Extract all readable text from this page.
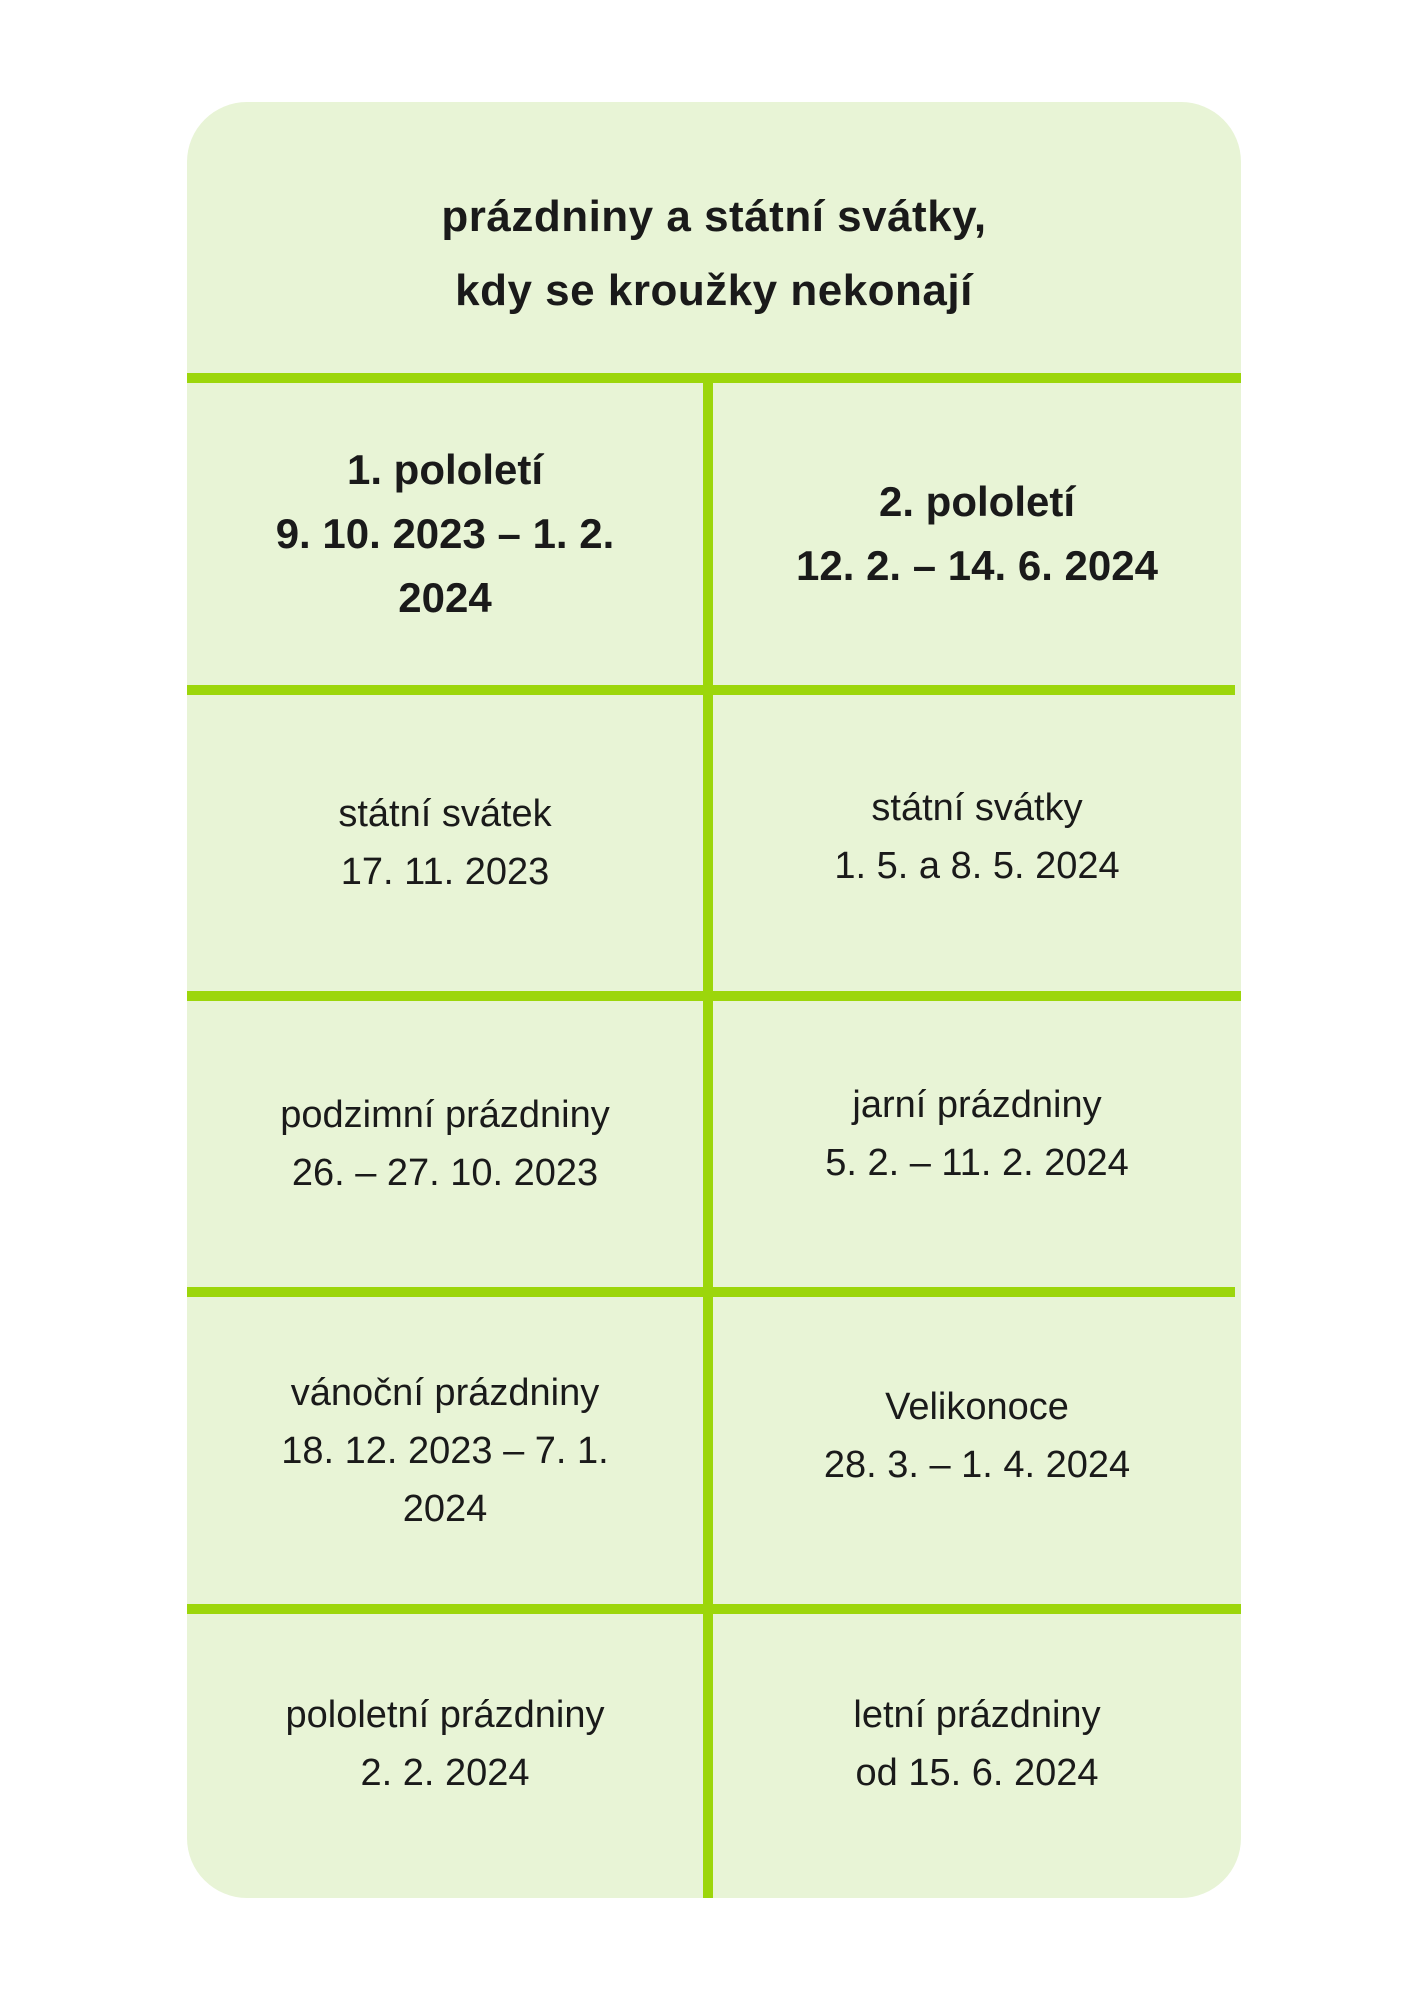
prázdniny a státní svátky,
kdy se kroužky nekonají
1. pololetí
9. 10. 2023 – 1. 2.
2024
2. pololetí
12. 2. – 14. 6. 2024
státní svátek
17. 11. 2023
státní svátky
1. 5. a 8. 5. 2024
podzimní prázdniny
26. – 27. 10. 2023
jarní prázdniny
5. 2. – 11. 2. 2024
vánoční prázdniny
18. 12. 2023 – 7. 1.
2024
Velikonoce
28. 3. – 1. 4. 2024
pololetní prázdniny
2. 2. 2024
letní prázdniny
od 15. 6. 2024
